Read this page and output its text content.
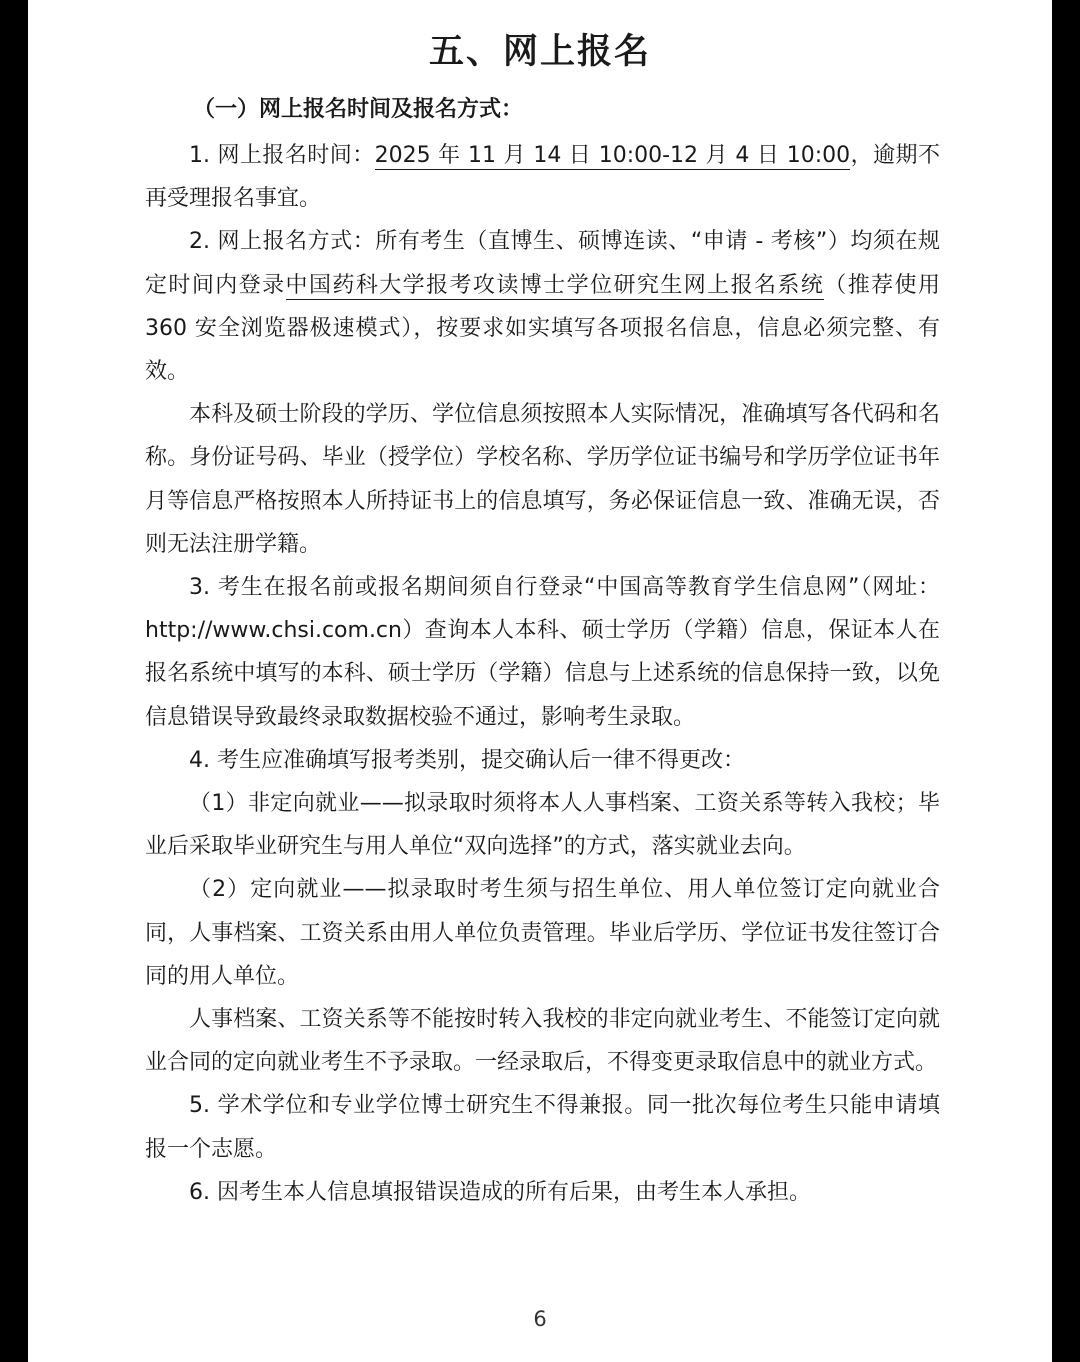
五、网上报名
（一）网上报名时间及报名方式：

1. 网上报名时间：2025 年 11 月 14 日 10:00-12 月 4 日 10:00，逾期不再受理报名事宜。

2. 网上报名方式：所有考生（直博生、硕博连读、“申请 - 考核”）均须在规定时间内登录中国药科大学报考攻读博士学位研究生网上报名系统（推荐使用 360 安全浏览器极速模式），按要求如实填写各项报名信息，信息必须完整、有效。

本科及硕士阶段的学历、学位信息须按照本人实际情况，准确填写各代码和名称。身份证号码、毕业（授学位）学校名称、学历学位证书编号和学历学位证书年月等信息严格按照本人所持证书上的信息填写，务必保证信息一致、准确无误，否则无法注册学籍。

3. 考生在报名前或报名期间须自行登录“中国高等教育学生信息网”（网址：http://www.chsi.com.cn）查询本人本科、硕士学历（学籍）信息，保证本人在报名系统中填写的本科、硕士学历（学籍）信息与上述系统的信息保持一致，以免信息错误导致最终录取数据校验不通过，影响考生录取。

4. 考生应准确填写报考类别，提交确认后一律不得更改：

（1）非定向就业——拟录取时须将本人人事档案、工资关系等转入我校；毕业后采取毕业研究生与用人单位“双向选择”的方式，落实就业去向。

（2）定向就业——拟录取时考生须与招生单位、用人单位签订定向就业合同，人事档案、工资关系由用人单位负责管理。毕业后学历、学位证书发往签订合同的用人单位。

人事档案、工资关系等不能按时转入我校的非定向就业考生、不能签订定向就业合同的定向就业考生不予录取。一经录取后，不得变更录取信息中的就业方式。

5. 学术学位和专业学位博士研究生不得兼报。同一批次每位考生只能申请填报一个志愿。

6. 因考生本人信息填报错误造成的所有后果，由考生本人承担。

6
